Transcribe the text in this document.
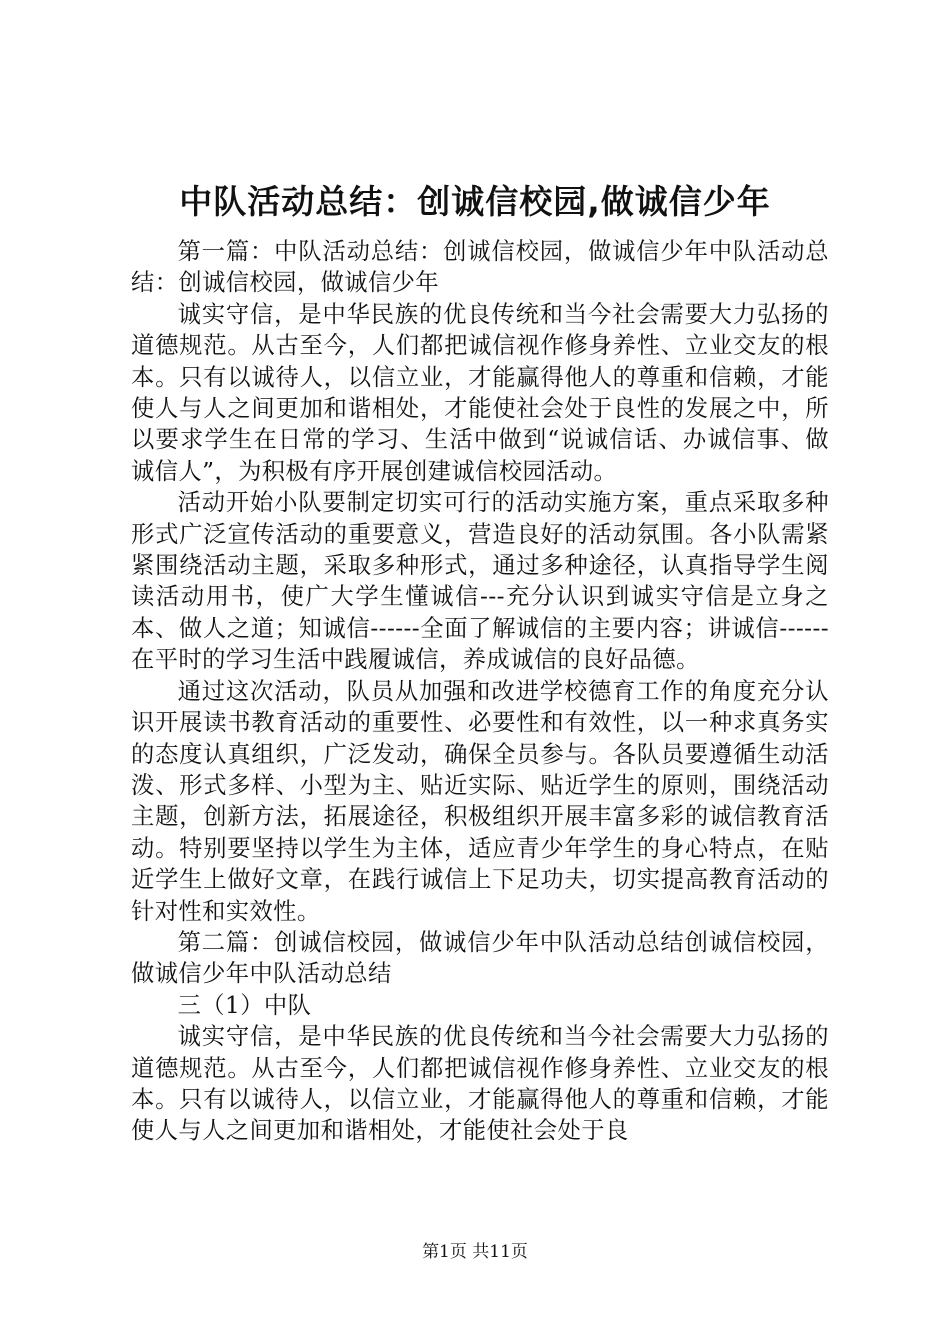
中队活动总结：创诚信校园,做诚信少年

第一篇：中队活动总结：创诚信校园，做诚信少年中队活动总结：创诚信校园，做诚信少年

诚实守信，是中华民族的优良传统和当今社会需要大力弘扬的道德规范。从古至今，人们都把诚信视作修身养性、立业交友的根本。只有以诚待人，以信立业，才能赢得他人的尊重和信赖，才能使人与人之间更加和谐相处，才能使社会处于良性的发展之中，所以要求学生在日常的学习、生活中做到“说诚信话、办诚信事、做诚信人”，为积极有序开展创建诚信校园活动。

活动开始小队要制定切实可行的活动实施方案，重点采取多种形式广泛宣传活动的重要意义，营造良好的活动氛围。各小队需紧紧围绕活动主题，采取多种形式，通过多种途径，认真指导学生阅读活动用书，使广大学生懂诚信---充分认识到诚实守信是立身之本、做人之道；知诚信------全面了解诚信的主要内容；讲诚信------在平时的学习生活中践履诚信，养成诚信的良好品德。

通过这次活动，队员从加强和改进学校德育工作的角度充分认识开展读书教育活动的重要性、必要性和有效性，以一种求真务实的态度认真组织，广泛发动，确保全员参与。各队员要遵循生动活泼、形式多样、小型为主、贴近实际、贴近学生的原则，围绕活动主题，创新方法，拓展途径，积极组织开展丰富多彩的诚信教育活动。特别要坚持以学生为主体，适应青少年学生的身心特点，在贴近学生上做好文章，在践行诚信上下足功夫，切实提高教育活动的针对性和实效性。

第二篇：创诚信校园，做诚信少年中队活动总结创诚信校园，做诚信少年中队活动总结

三（1）中队

诚实守信，是中华民族的优良传统和当今社会需要大力弘扬的道德规范。从古至今，人们都把诚信视作修身养性、立业交友的根本。只有以诚待人，以信立业，才能赢得他人的尊重和信赖，才能使人与人之间更加和谐相处，才能使社会处于良

第1页 共11页
